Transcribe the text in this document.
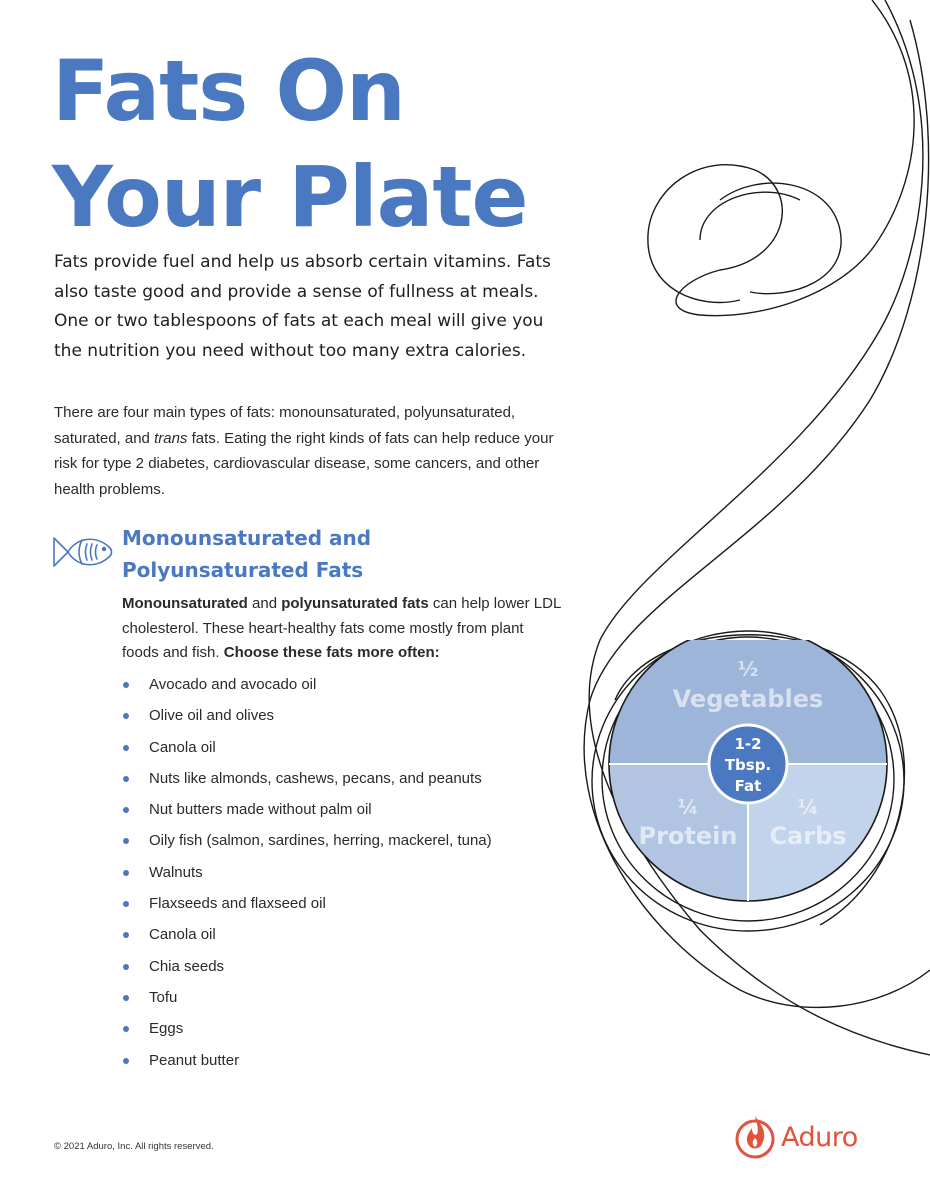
Fats On
Your Plate

Fats provide fuel and help us absorb certain vitamins. Fats also taste good and provide a sense of fullness at meals. One or two tablespoons of fats at each meal will give you the nutrition you need without too many extra calories.

There are four main types of fats: monounsaturated, polyunsaturated, saturated, and trans fats. Eating the right kinds of fats can help reduce your risk for type 2 diabetes, cardiovascular disease, some cancers, and other health problems.

Monounsaturated and
Polyunsaturated Fats

Monounsaturated and polyunsaturated fats can help lower LDL cholesterol. These heart-healthy fats come mostly from plant foods and fish. Choose these fats more often:

Avocado and avocado oil
Olive oil and olives
Canola oil
Nuts like almonds, cashews, pecans, and peanuts
Nut butters made without palm oil
Oily fish (salmon, sardines, herring, mackerel, tuna)
Walnuts
Flaxseeds and flaxseed oil
Canola oil
Chia seeds
Tofu
Eggs
Peanut butter
½
Vegetables
¼
Protein
¼
Carbs
1-2
Tbsp.
Fat
© 2021 Aduro, Inc. All rights reserved.	Aduro
